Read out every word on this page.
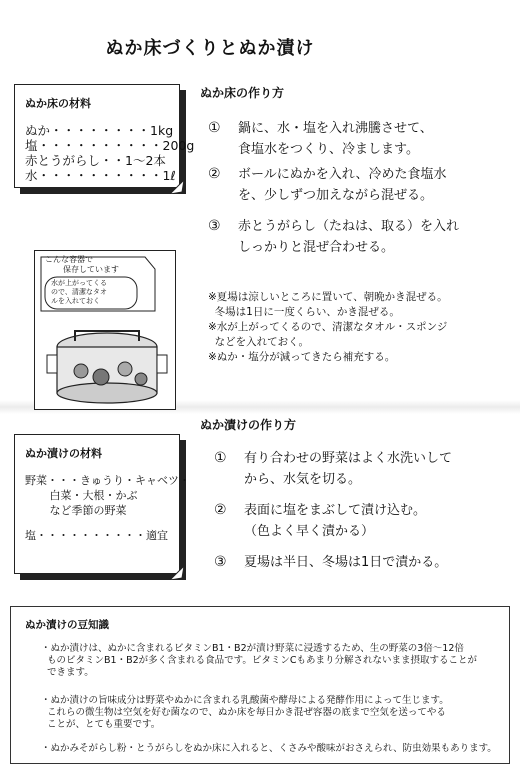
ぬか床づくりとぬか漬け
ぬか床の材料
ぬか・・・・・・・・1kg
塩・・・・・・・・・・200g
赤とうがらし・・1〜2本
水・・・・・・・・・・1ℓ
こんな容器で
保存しています
水が上がってくる
ので、清潔なタオ
ルを入れておく
ぬか床の作り方
① 鍋に、水・塩を入れ沸騰させて、
食塩水をつくり、冷まします。
② ボールにぬかを入れ、冷めた食塩水
を、少しずつ加えながら混ぜる。
③ 赤とうがらし（たねは、取る）を入れ
しっかりと混ぜ合わせる。
※夏場は涼しいところに置いて、朝晩かき混ぜる。
冬場は1日に一度くらい、かき混ぜる。
※水が上がってくるので、清潔なタオル・スポンジ
などを入れておく。
※ぬか・塩分が減ってきたら補充する。
ぬか漬けの作り方
① 有り合わせの野菜はよく水洗いして
から、水気を切る。
② 表面に塩をまぶして漬け込む。
（色よく早く漬かる）
③ 夏場は半日、冬場は1日で漬かる。
ぬか漬けの材料
野菜・・・きゅうり・キャベツ・
白菜・大根・かぶ
など季節の野菜
塩・・・・・・・・・・適宜
ぬか漬けの豆知識
・ぬか漬けは、ぬかに含まれるビタミンB1・B2が漬け野菜に浸透するため、生の野菜の3倍〜12倍
ものビタミンB1・B2が多く含まれる食品です。ビタミンCもあまり分解されないまま摂取することが
できます。
・ぬか漬けの旨味成分は野菜やぬかに含まれる乳酸菌や酵母による発酵作用によって生じます。
これらの微生物は空気を好む菌なので、ぬか床を毎日かき混ぜ容器の底まで空気を送ってやる
ことが、とても重要です。
・ぬかみそがらし粉・とうがらしをぬか床に入れると、くさみや酸味がおさえられ、防虫効果もあります。
